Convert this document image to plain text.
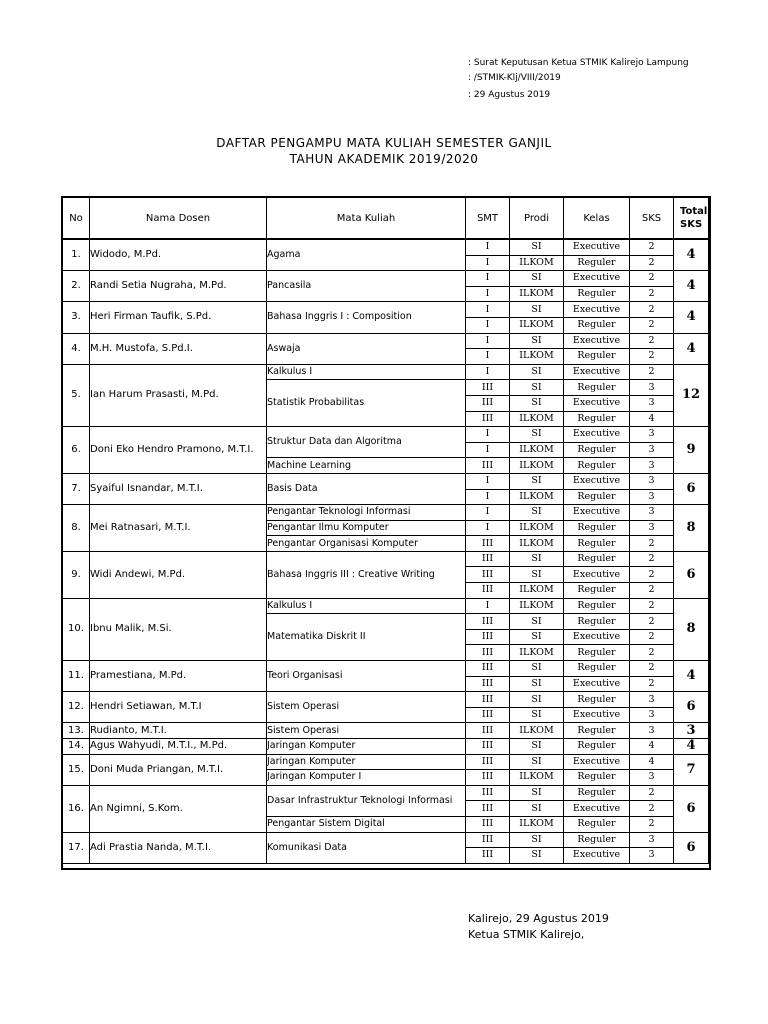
: Surat Keputusan Ketua STMIK Kalirejo Lampung
: /STMIK-Klj/VIII/2019
: 29 Agustus 2019
DAFTAR PENGAMPU MATA KULIAH SEMESTER GANJIL
TAHUN AKADEMIK 2019/2020
No	Nama Dosen	Mata Kuliah	SMT	Prodi	Kelas	SKS	Total SKS
1.	Widodo, M.Pd.	Agama	I	SI	Executive	2	4
			I	ILKOM	Reguler	2	
2.	Randi Setia Nugraha, M.Pd.	Pancasila	I	SI	Executive	2	4
			I	ILKOM	Reguler	2	
3.	Heri Firman Taufik, S.Pd.	Bahasa Inggris I : Composition	I	SI	Executive	2	4
			I	ILKOM	Reguler	2	
4.	M.H. Mustofa, S.Pd.I.	Aswaja	I	SI	Executive	2	4
			I	ILKOM	Reguler	2	
5.	Ian Harum Prasasti, M.Pd.	Kalkulus I	I	SI	Executive	2	12
		Statistik Probabilitas	III	SI	Reguler	3	
			III	SI	Executive	3	
			III	ILKOM	Reguler	4	
6.	Doni Eko Hendro Pramono, M.T.I.	Struktur Data dan Algoritma	I	SI	Executive	3	9
			I	ILKOM	Reguler	3	
		Machine Learning	III	ILKOM	Reguler	3	
7.	Syaiful Isnandar, M.T.I.	Basis Data	I	SI	Executive	3	6
			I	ILKOM	Reguler	3	
8.	Mei Ratnasari, M.T.I.	Pengantar Teknologi Informasi	I	SI	Executive	3	8
		Pengantar Ilmu Komputer	I	ILKOM	Reguler	3	
		Pengantar Organisasi Komputer	III	ILKOM	Reguler	2	
9.	Widi Andewi, M.Pd.	Bahasa Inggris III : Creative Writing	III	SI	Reguler	2	6
			III	SI	Executive	2	
			III	ILKOM	Reguler	2	
10.	Ibnu Malik, M.Si.	Kalkulus I	I	ILKOM	Reguler	2	8
		Matematika Diskrit II	III	SI	Reguler	2	
			III	SI	Executive	2	
			III	ILKOM	Reguler	2	
11.	Pramestiana, M.Pd.	Teori Organisasi	III	SI	Reguler	2	4
			III	SI	Executive	2	
12.	Hendri Setiawan, M.T.I	Sistem Operasi	III	SI	Reguler	3	6
			III	SI	Executive	3	
13.	Rudianto, M.T.I.	Sistem Operasi	III	ILKOM	Reguler	3	3
14.	Agus Wahyudi, M.T.I., M.Pd.	Jaringan Komputer	III	SI	Reguler	4	4
15.	Doni Muda Priangan, M.T.I.	Jaringan Komputer	III	SI	Executive	4	7
		Jaringan Komputer I	III	ILKOM	Reguler	3	
16.	An Ngimni, S.Kom.	Dasar Infrastruktur Teknologi Informasi	III	SI	Reguler	2	6
			III	SI	Executive	2	
		Pengantar Sistem Digital	III	ILKOM	Reguler	2	
17.	Adi Prastia Nanda, M.T.I.	Komunikasi Data	III	SI	Reguler	3	6
			III	SI	Executive	3	
Kalirejo, 29 Agustus 2019
Ketua STMIK Kalirejo,
